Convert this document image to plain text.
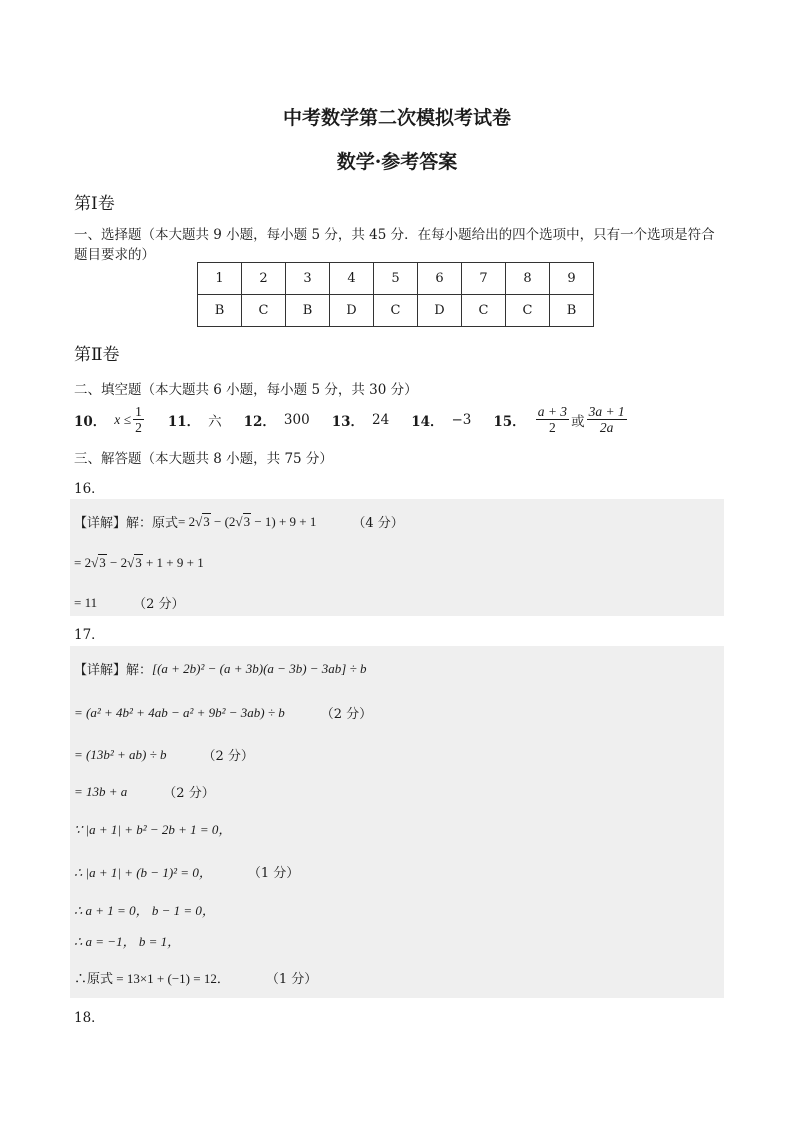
中考数学第二次模拟考试卷
数学·参考答案
第Ⅰ卷
一、选择题（本大题共 9 小题，每小题 5 分，共 45 分．在每小题给出的四个选项中，只有一个选项是符合
题目要求的）
1	2	3	4	5	6	7	8	9
B	C	B	D	C	D	C	C	B
第Ⅱ卷
二、填空题（本大题共 6 小题，每小题 5 分，共 30 分）
10． $x \le \frac{1}{2} 11$． 六 12． 300 13． 24 14． −3 15． $\frac{a + 3}{2}$ 或 $\frac{3a + 1}{2a}$
三、解答题（本大题共 8 小题，共 75 分）
16．
【详解】解：原式 = 2√3 − (2√3 − 1) + 9 + 1	（4 分）
= 2√3 − 2√3 + 1 + 9 + 1
= 11	（2 分）
17．
【详解】解： [(a + 2b)² − (a + 3b)(a − 3b) − 3ab] ÷ b
= (a² + 4b² + 4ab − a² + 9b² − 3ab) ÷ b	（2 分）
= (13b² + ab) ÷ b	（2 分）
= 13b + a	（2 分）
∵ |a + 1| + b² − 2b + 1 = 0，
∴ |a + 1| + (b − 1)² = 0，	（1 分）
∴ a + 1 = 0， b − 1 = 0，
∴ a = −1， b = 1，
∴原式 = 13×1 + (−1) = 12．	（1 分）
18．
